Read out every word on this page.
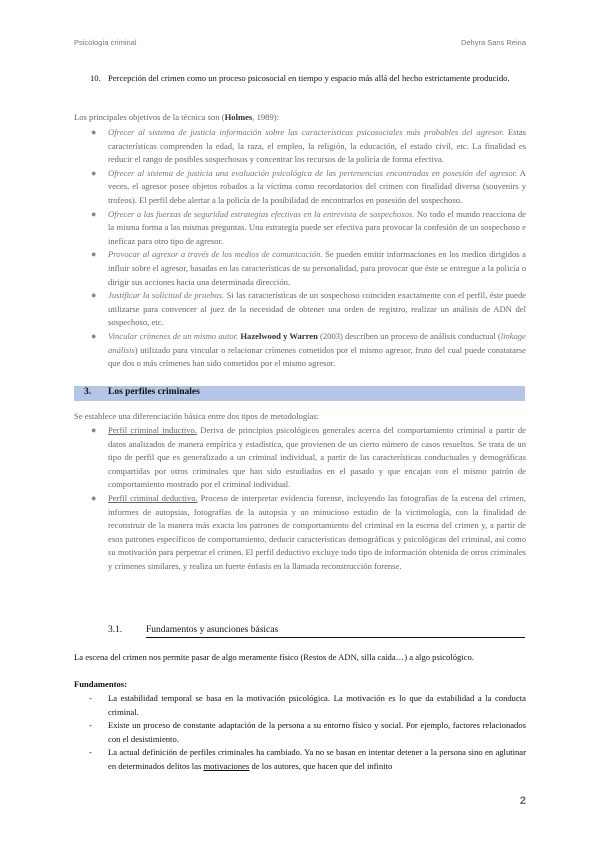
Psicología criminal	Dehyra Sans Reina
10. Percepción del crimen como un proceso psicosocial en tiempo y espacio más allá del hecho estrictamente producido.
Los principales objetivos de la técnica son (Holmes, 1989):
● Ofrecer al sistema de justicia información sobre las características psicosociales más probables del agresor. Estas características comprenden la edad, la raza, el empleo, la religión, la educación, el estado civil, etc. La finalidad es reducir el rango de posibles sospechosos y concentrar los recursos de la policía de forma efectiva.
● Ofrecer al sistema de justicia una evaluación psicológica de las pertenencias encontradas en posesión del agresor. A veces, el agresor posee objetos robados a la víctima como recordatorios del crimen con finalidad diversa (souvenirs y trofeos). El perfil debe alertar a la policía de la posibilidad de encontrarlos en posesión del sospechoso.
● Ofrecer a las fuerzas de seguridad estrategias efectivas en la entrevista de sospechosos. No todo el mundo reacciona de la misma forma a las mismas preguntas. Una estrategia puede ser efectiva para provocar la confesión de un sospechoso e ineficaz para otro tipo de agresor.
● Provocar al agresor a través de los medios de comunicación. Se pueden emitir informaciones en los medios dirigidos a influir sobre el agresor, basadas en las características de su personalidad, para provocar que éste se entregue a la policía o dirigir sus acciones hacia una determinada dirección.
● Justificar la solicitud de pruebas. Si las características de un sospechoso coinciden exactamente con el perfil, éste puede utilizarse para convencer al juez de la necesidad de obtener una orden de registro, realizar un análisis de ADN del sospechoso, etc.
● Vincular crímenes de un mismo autor. Hazelwood y Warren (2003) describen un proceso de análisis conductual (linkage análisis) utilizado para vincular o relacionar crímenes cometidos por el mismo agresor, fruto del cual puede constatarse que dos o más crímenes han sido cometidos por el mismo agresor.
3. Los perfiles criminales
Se establece una diferenciación básica entre dos tipos de metodologías:
● Perfil criminal inductivo. Deriva de principios psicológicos generales acerca del comportamiento criminal a partir de datos analizados de manera empírica y estadística, que provienen de un cierto número de casos resueltos. Se trata de un tipo de perfil que es generalizado a un criminal individual, a partir de las características conductuales y demográficas compartidas por otros criminales que han sido estudiados en el pasado y que encajan con el mismo patrón de comportamiento mostrado por el criminal individual.
● Perfil criminal deductivo. Proceso de interpretar evidencia forense, incluyendo las fotografías de la escena del crimen, informes de autopsias, fotografías de la autopsia y un minucioso estudio de la victimología, con la finalidad de reconstruir de la manera más exacta los patrones de comportamiento del criminal en la escena del crimen y, a partir de esos patrones específicos de comportamiento, deducir características demográficas y psicológicas del criminal, así como su motivación para perpetrar el crimen. El perfil deductivo excluye todo tipo de información obtenida de otros criminales y crímenes similares, y realiza un fuerte énfasis en la llamada reconstrucción forense.
3.1.	Fundamentos y asunciones básicas
La escena del crimen nos permite pasar de algo meramente físico (Restos de ADN, silla caída…) a algo psicológico.
Fundamentos:
- La estabilidad temporal se basa en la motivación psicológica. La motivación es lo que da estabilidad a la conducta criminal.
- Existe un proceso de constante adaptación de la persona a su entorno físico y social. Por ejemplo, factores relacionados con el desistimiento.
- La actual definición de perfiles criminales ha cambiado. Ya no se basan en intentar detener a la persona sino en aglutinar en determinados delitos las motivaciones de los autores, que hacen que del infinito
2
